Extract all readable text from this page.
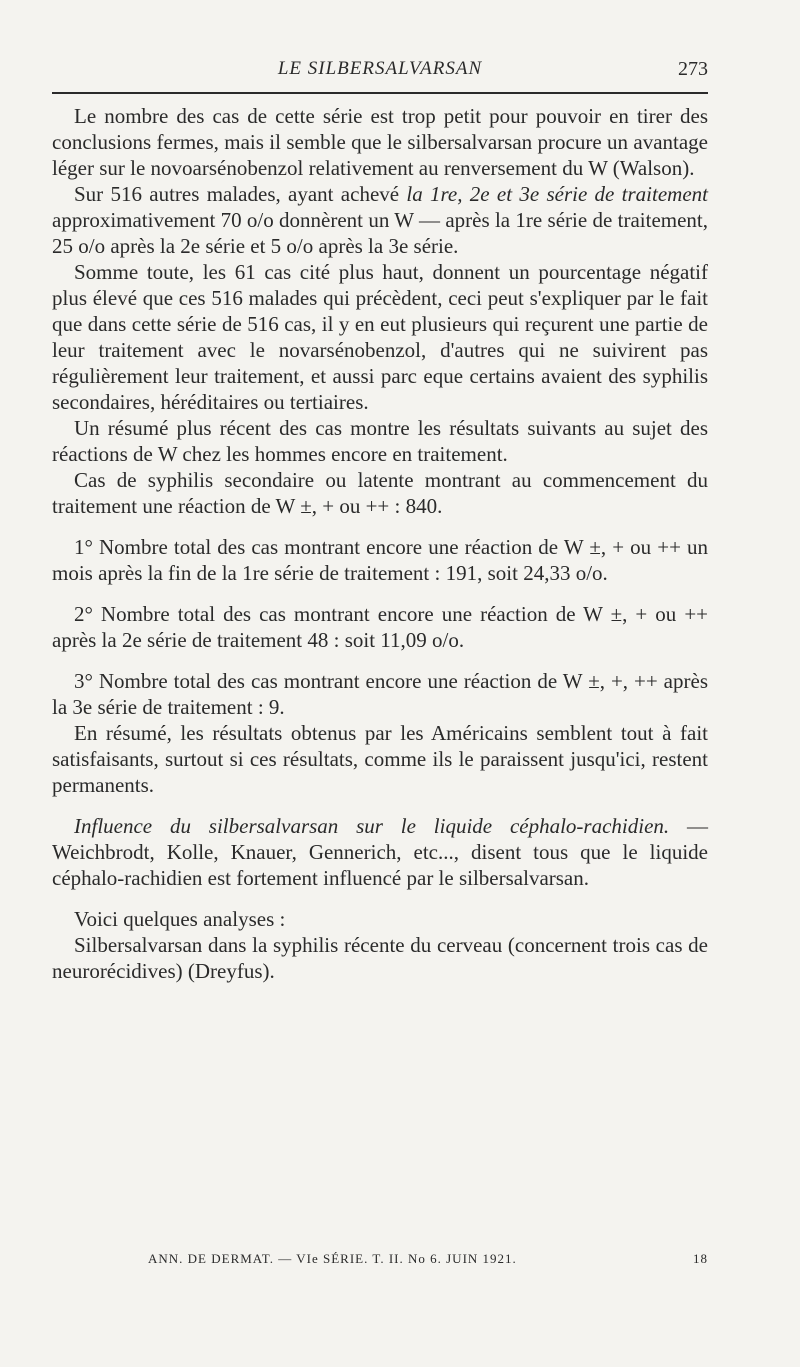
LE SILBERSALVARSAN	273

Le nombre des cas de cette série est trop petit pour pouvoir en tirer des conclusions fermes, mais il semble que le silbersalvarsan procure un avantage léger sur le novoarsénobenzol relativement au renversement du W (Walson).

Sur 516 autres malades, ayant achevé la 1re, 2e et 3e série de traitement approximativement 70 o/o donnèrent un W — après la 1re série de traitement, 25 o/o après la 2e série et 5 o/o après la 3e série.

Somme toute, les 61 cas cité plus haut, donnent un pourcentage négatif plus élevé que ces 516 malades qui précèdent, ceci peut s'expliquer par le fait que dans cette série de 516 cas, il y en eut plusieurs qui reçurent une partie de leur traitement avec le novarsénobenzol, d'autres qui ne suivirent pas régulièrement leur traitement, et aussi parc eque certains avaient des syphilis secondaires, héréditaires ou tertiaires.

Un résumé plus récent des cas montre les résultats suivants au sujet des réactions de W chez les hommes encore en traitement.

Cas de syphilis secondaire ou latente montrant au commencement du traitement une réaction de W ±, + ou ++ : 840.

1° Nombre total des cas montrant encore une réaction de W ±, + ou ++ un mois après la fin de la 1re série de traitement : 191, soit 24,33 o/o.

2° Nombre total des cas montrant encore une réaction de W ±, + ou ++ après la 2e série de traitement 48 : soit 11,09 o/o.

3° Nombre total des cas montrant encore une réaction de W ±, +, ++ après la 3e série de traitement : 9.

En résumé, les résultats obtenus par les Américains semblent tout à fait satisfaisants, surtout si ces résultats, comme ils le paraissent jusqu'ici, restent permanents.

Influence du silbersalvarsan sur le liquide céphalo-rachidien. — Weichbrodt, Kolle, Knauer, Gennerich, etc..., disent tous que le liquide céphalo-rachidien est fortement influencé par le silbersalvarsan.

Voici quelques analyses :

Silbersalvarsan dans la syphilis récente du cerveau (concernent trois cas de neurorécidives) (Dreyfus).

ANN. DE DERMAT. — VIe SÉRIE. T. II. No 6. JUIN 1921.	18
